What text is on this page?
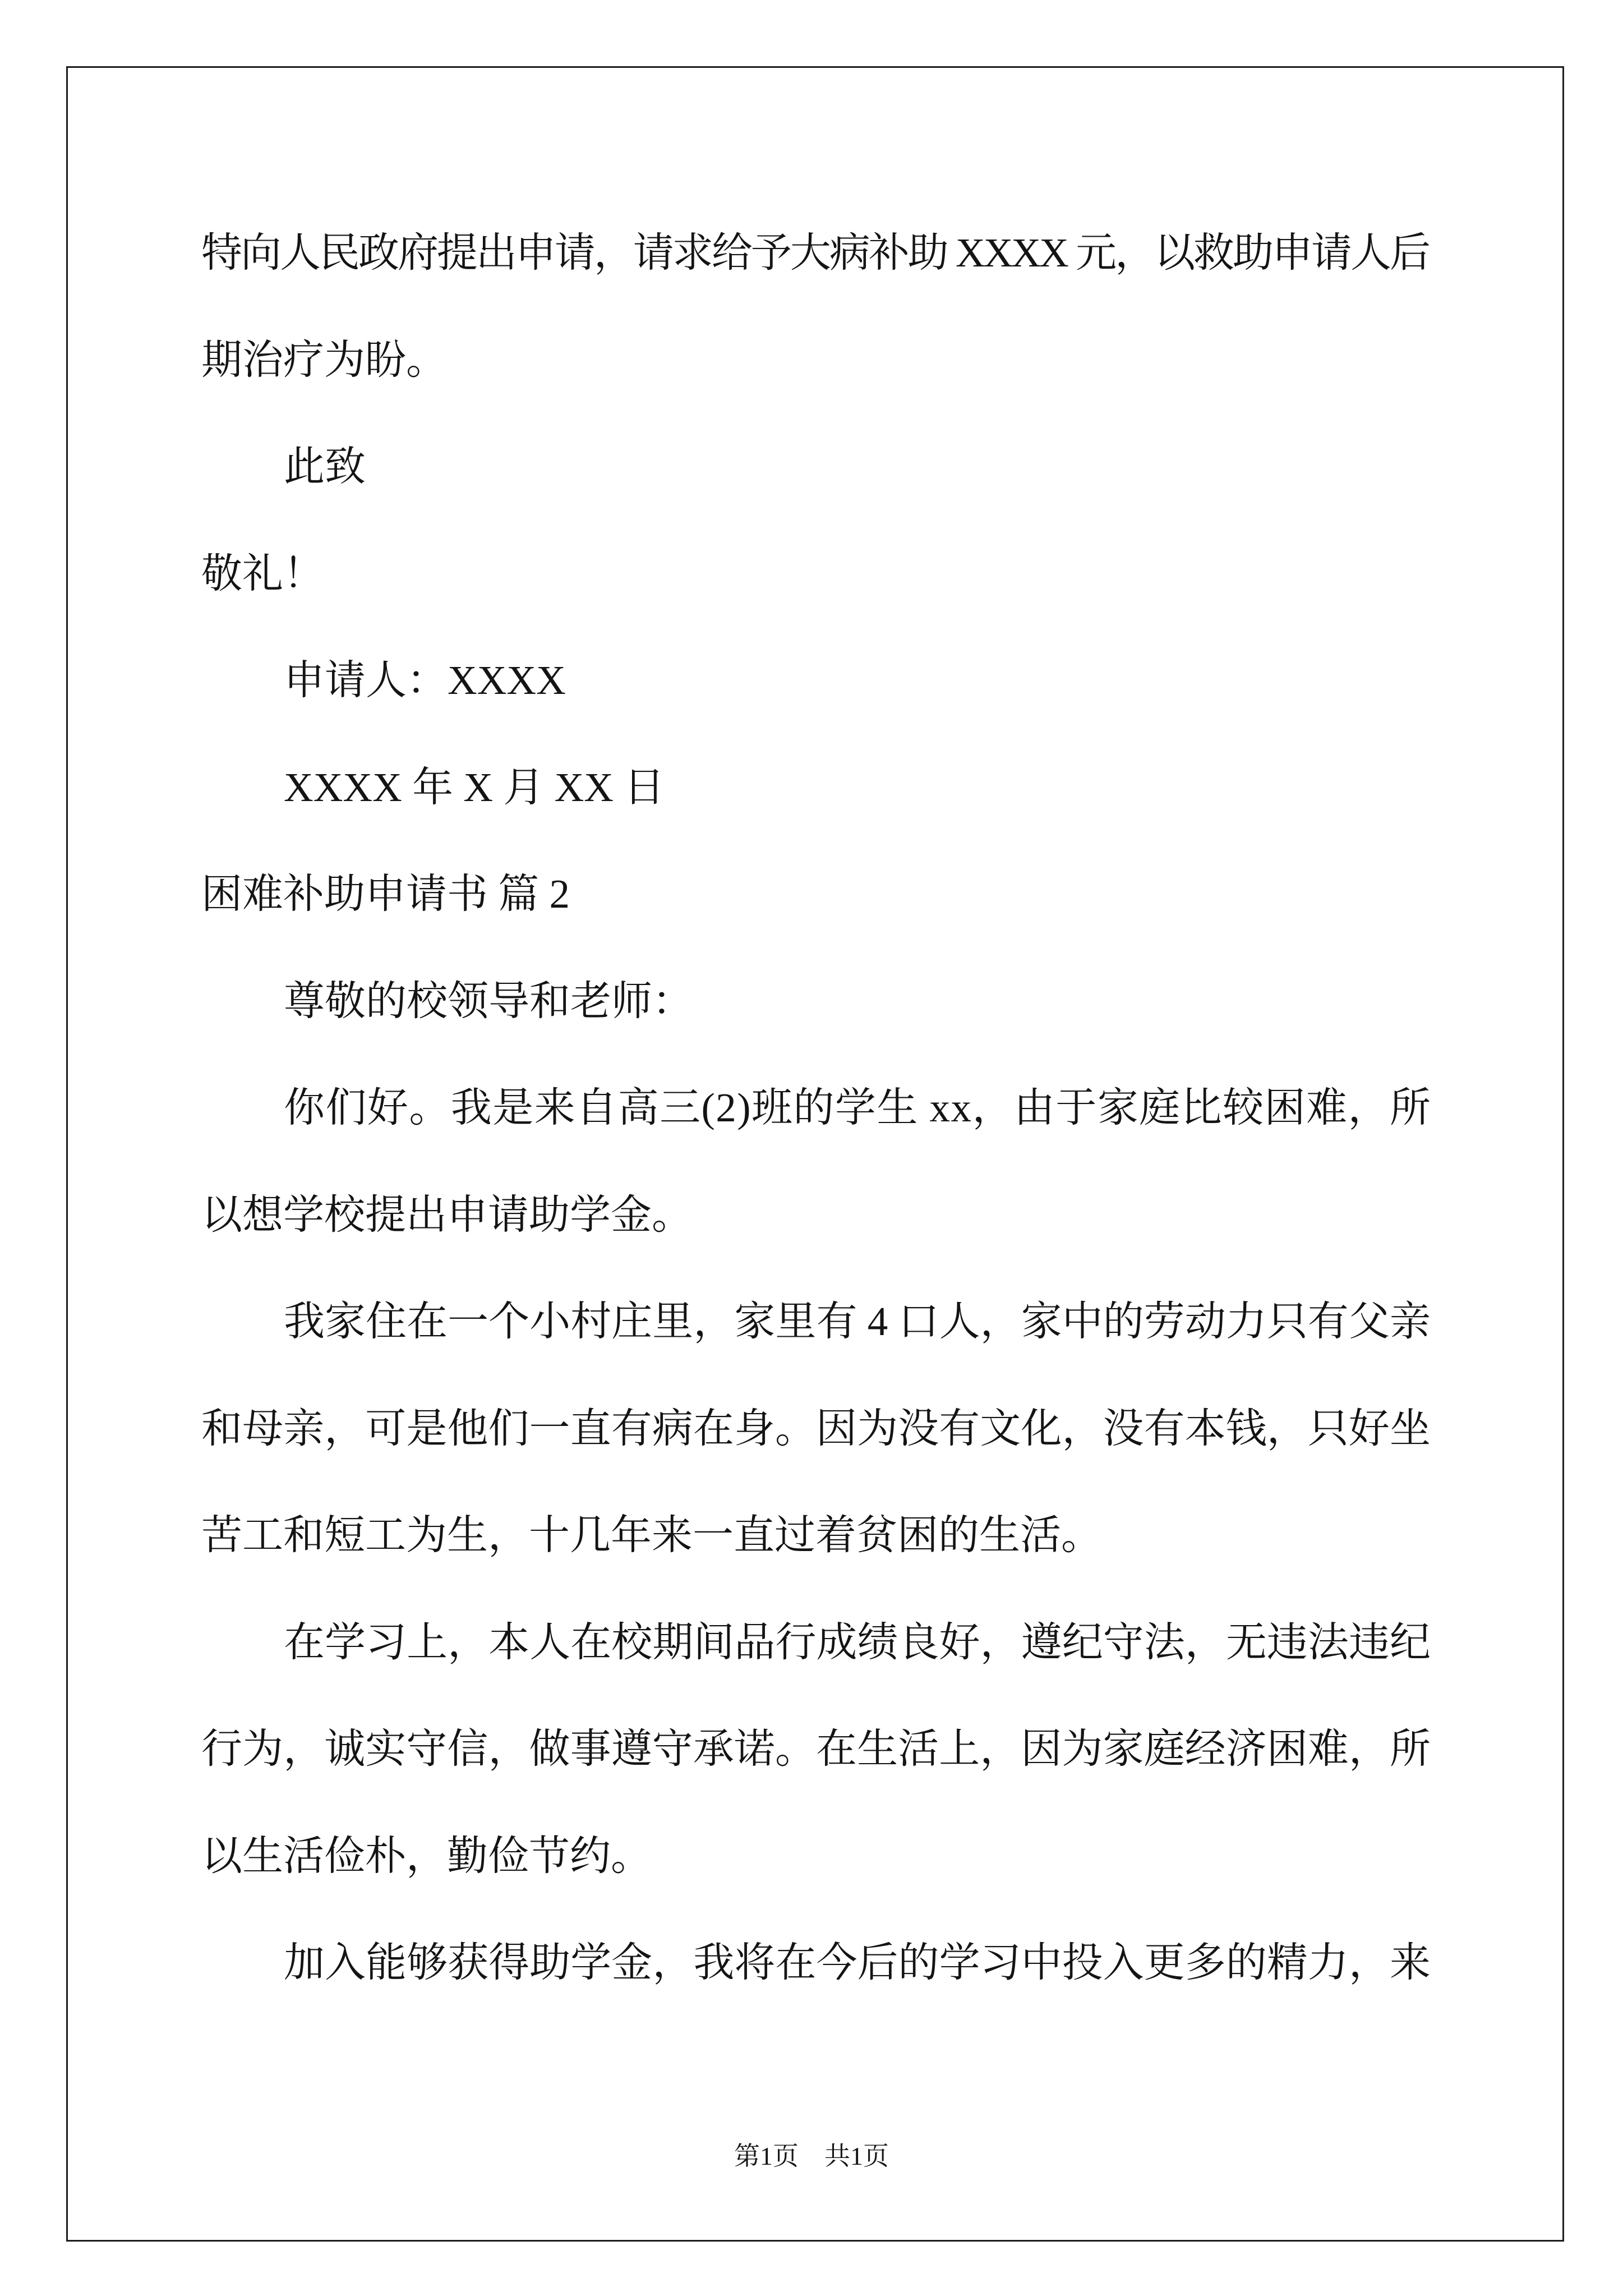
特向人民政府提出申请，请求给予大病补助 XXXX 元，以救助申请人后
期治疗为盼。
此致
敬礼！
申请人：XXXX
XXXX 年 X 月 XX 日
困难补助申请书 篇 2
尊敬的校领导和老师：
你们好。我是来自高三(2)班的学生 xx，由于家庭比较困难，所
以想学校提出申请助学金。
我家住在一个小村庄里，家里有 4 口人，家中的劳动力只有父亲
和母亲，可是他们一直有病在身。因为没有文化，没有本钱，只好坐
苦工和短工为生，十几年来一直过着贫困的生活。
在学习上，本人在校期间品行成绩良好，遵纪守法，无违法违纪
行为，诚实守信，做事遵守承诺。在生活上，因为家庭经济困难，所
以生活俭朴，勤俭节约。
加入能够获得助学金，我将在今后的学习中投入更多的精力，来
第1页　共1页
